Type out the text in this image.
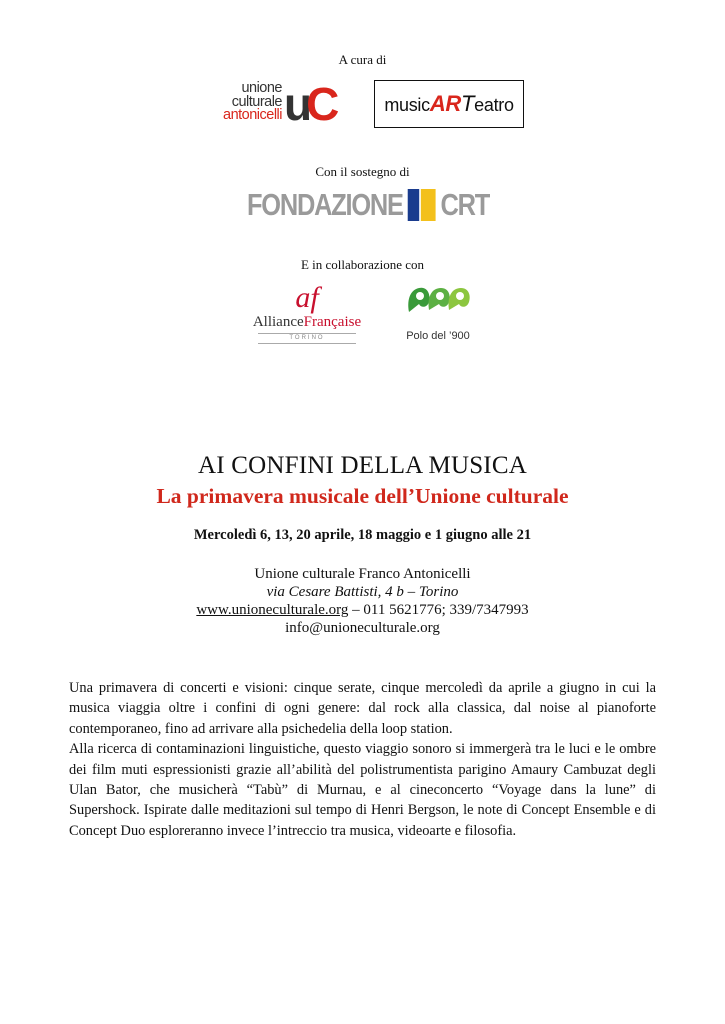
A cura di
unione
culturale
antonicelli uC	musicARTeatro
Con il sostegno di
FONDAZIONE CRT
E in collaborazione con
af
AllianceFrançaise
TORINO	Polo del ’900
AI CONFINI DELLA MUSICA
La primavera musicale dell’Unione culturale
Mercoledì 6, 13, 20 aprile, 18 maggio e 1 giugno alle 21
Unione culturale Franco Antonicelli
via Cesare Battisti, 4 b – Torino
www.unioneculturale.org – 011 5621776; 339/7347993
info@unioneculturale.org

Una primavera di concerti e visioni: cinque serate, cinque mercoledì da aprile a giugno in cui la musica viaggia oltre i confini di ogni genere: dal rock alla classica, dal noise al pianoforte contemporaneo, fino ad arrivare alla psichedelia della loop station.

Alla ricerca di contaminazioni linguistiche, questo viaggio sonoro si immergerà tra le luci e le ombre dei film muti espressionisti grazie all’abilità del polistrumentista parigino Amaury Cambuzat degli Ulan Bator, che musicherà “Tabù” di Murnau, e al cineconcerto “Voyage dans la lune” di Supershock. Ispirate dalle meditazioni sul tempo di Henri Bergson, le note di Concept Ensemble e di Concept Duo esploreranno invece l’intreccio tra musica, videoarte e filosofia.
